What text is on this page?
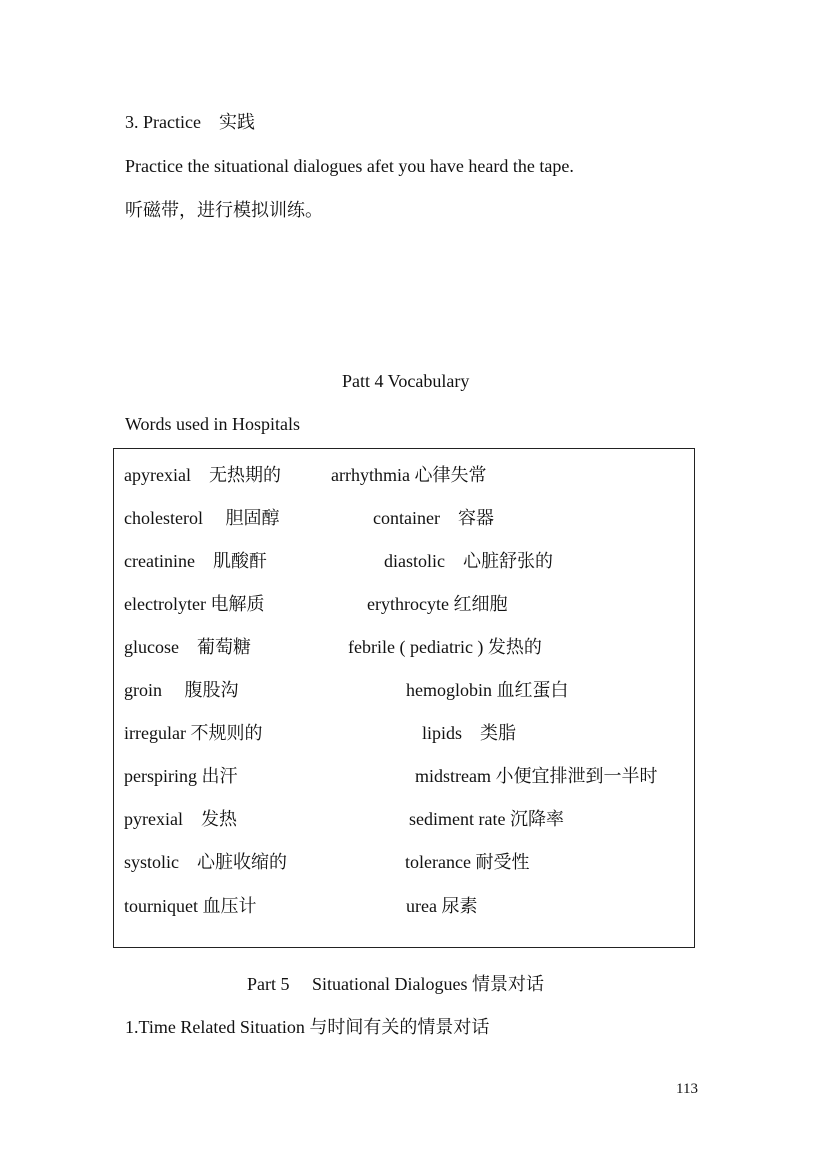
3. Practice　实践
Practice the situational dialogues afet you have heard the tape.
听磁带，进行模拟训练。
Patt 4 Vocabulary
Words used in Hospitals
apyrexial　无热期的	arrhythmia 心律失常
cholesterol　 胆固醇	container　容器
creatinine　肌酸酐	diastolic　心脏舒张的
electrolyter 电解质	erythrocyte 红细胞
glucose　葡萄糖	febrile ( pediatric ) 发热的
groin　 腹股沟	hemoglobin 血红蛋白
irregular 不规则的	lipids　类脂
perspiring 出汗	midstream 小便宜排泄到一半时
pyrexial　发热	sediment rate 沉降率
systolic　心脏收缩的	tolerance 耐受性
tourniquet 血压计	urea 尿素
Part 5　 Situational Dialogues 情景对话
1.Time Related Situation 与时间有关的情景对话
113
